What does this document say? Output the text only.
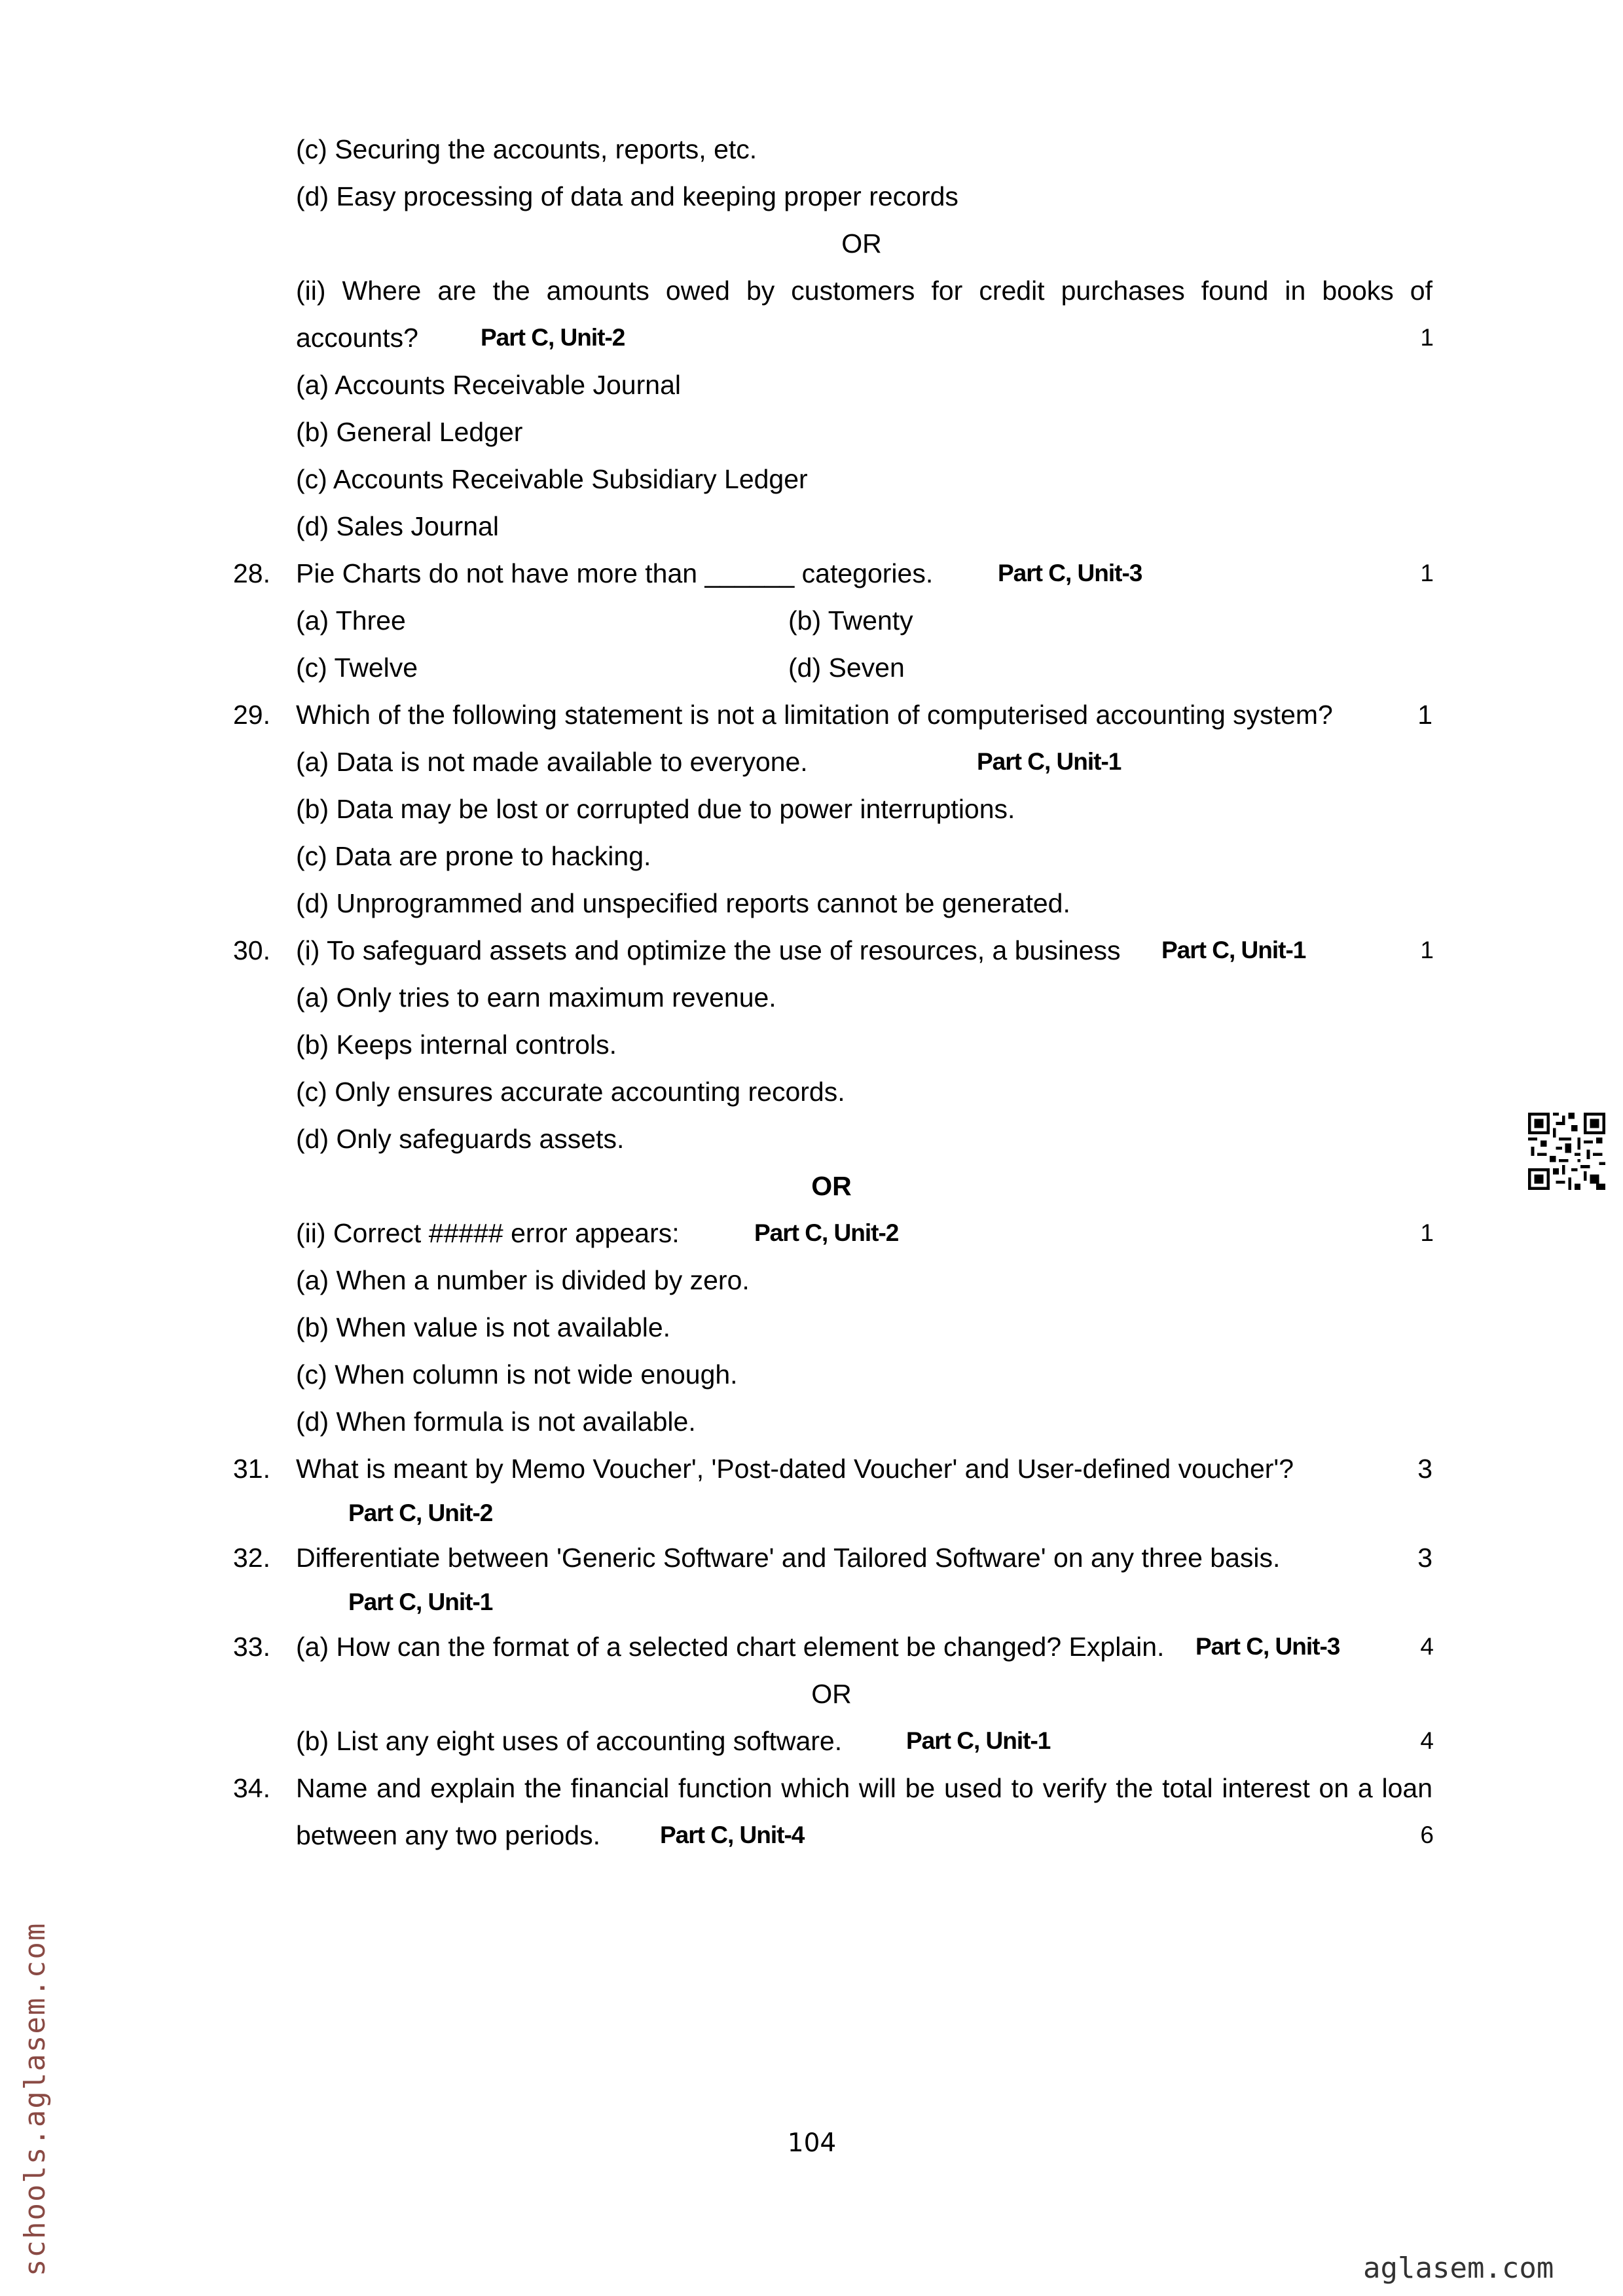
(c) Securing the accounts, reports, etc.
(d) Easy processing of data and keeping proper records
OR
(ii) Where are the amounts owed by customers for credit purchases found in books of
accounts?	Part C, Unit-2	1
(a) Accounts Receivable Journal
(b) General Ledger
(c) Accounts Receivable Subsidiary Ledger
(d) Sales Journal
28. Pie Charts do not have more than ______ categories.	Part C, Unit-3	1
(a) Three	(b) Twenty
(c) Twelve	(d) Seven
29. Which of the following statement is not a limitation of computerised accounting system?	1
(a) Data is not made available to everyone.	Part C, Unit-1
(b) Data may be lost or corrupted due to power interruptions.
(c) Data are prone to hacking.
(d) Unprogrammed and unspecified reports cannot be generated.
30. (i) To safeguard assets and optimize the use of resources, a business Part C, Unit-1	1
(a) Only tries to earn maximum revenue.
(b) Keeps internal controls.
(c) Only ensures accurate accounting records.
(d) Only safeguards assets.
OR
(ii) Correct ##### error appears:	Part C, Unit-2	1
(a) When a number is divided by zero.
(b) When value is not available.
(c) When column is not wide enough.
(d) When formula is not available.
31. What is meant by Memo Voucher', 'Post-dated Voucher' and User-defined voucher'?	3
Part C, Unit-2
32. Differentiate between 'Generic Software' and Tailored Software' on any three basis.	3
Part C, Unit-1
33. (a) How can the format of a selected chart element be changed? Explain. Part C, Unit-3	4
OR
(b) List any eight uses of accounting software.	Part C, Unit-1	4
34. Name and explain the financial function which will be used to verify the total interest on a loan
between any two periods. Part C, Unit-4	6
104
schools.aglasem.com	aglasem.com
